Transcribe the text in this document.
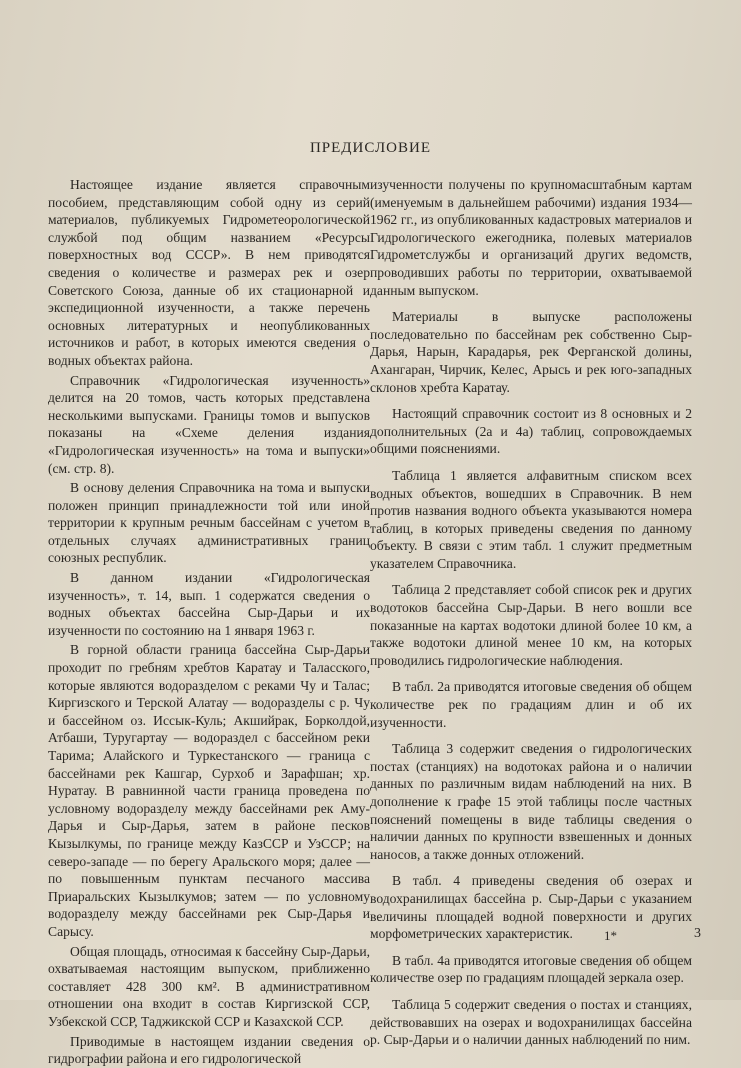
ПРЕДИСЛОВИЕ

Настоящее издание является справочным пособием, представляющим собой одну из серий материалов, публикуемых Гидрометеорологической службой под общим названием «Ресурсы поверхностных вод СССР». В нем приводятся сведения о количестве и размерах рек и озер Советского Союза, данные об их стационарной и экспедиционной изученности, а также перечень основных литературных и неопубликованных источников и работ, в которых имеются сведения о водных объектах района.

Справочник «Гидрологическая изученность» делится на 20 томов, часть которых представлена несколькими выпусками. Границы томов и выпусков показаны на «Схеме деления издания «Гидрологическая изученность» на тома и выпуски» (см. стр. 8).

В основу деления Справочника на тома и выпуски положен принцип принадлежности той или иной территории к крупным речным бассейнам с учетом в отдельных случаях административных границ союзных республик.

В данном издании «Гидрологическая изученность», т. 14, вып. 1 содержатся сведения о водных объектах бассейна Сыр-Дарьи и их изученности по состоянию на 1 января 1963 г.

В горной области граница бассейна Сыр-Дарьи проходит по гребням хребтов Каратау и Таласского, которые являются водоразделом с реками Чу и Талас; Киргизского и Терской Алатау — водоразделы с р. Чу и бассейном оз. Иссык-Куль; Акшийрак, Борколдой, Атбаши, Туругартау — водораздел с бассейном реки Тарима; Алайского и Туркестанского — граница с бассейнами рек Кашгар, Сурхоб и Зарафшан; хр. Нуратау. В равнинной части граница проведена по условному водоразделу между бассейнами рек Аму-Дарья и Сыр-Дарья, затем в районе песков Кызылкумы, по границе между КазССР и УзССР; на северо-западе — по берегу Аральского моря; далее — по повышенным пунктам песчаного массива Приаральских Кызылкумов; затем — по условному водоразделу между бассейнами рек Сыр-Дарья и Сарысу.

Общая площадь, относимая к бассейну Сыр-Дарьи, охватываемая настоящим выпуском, приближенно составляет 428 300 км². В административном отношении она входит в состав Киргизской ССР, Узбекской ССР, Таджикской ССР и Казахской ССР.

Приводимые в настоящем издании сведения о гидрографии района и его гидрологической

изученности получены по крупномасштабным картам (именуемым в дальнейшем рабочими) издания 1934—1962 гг., из опубликованных кадастровых материалов и Гидрологического ежегодника, полевых материалов Гидрометслужбы и организаций других ведомств, проводивших работы по территории, охватываемой данным выпуском.

Материалы в выпуске расположены последовательно по бассейнам рек собственно Сыр-Дарья, Нарын, Карадарья, рек Ферганской долины, Ахангаран, Чирчик, Келес, Арысь и рек юго-западных склонов хребта Каратау.

Настоящий справочник состоит из 8 основных и 2 дополнительных (2а и 4а) таблиц, сопровождаемых общими пояснениями.

Таблица 1 является алфавитным списком всех водных объектов, вошедших в Справочник. В нем против названия водного объекта указываются номера таблиц, в которых приведены сведения по данному объекту. В связи с этим табл. 1 служит предметным указателем Справочника.

Таблица 2 представляет собой список рек и других водотоков бассейна Сыр-Дарьи. В него вошли все показанные на картах водотоки длиной более 10 км, а также водотоки длиной менее 10 км, на которых проводились гидрологические наблюдения.

В табл. 2а приводятся итоговые сведения об общем количестве рек по градациям длин и об их изученности.

Таблица 3 содержит сведения о гидрологических постах (станциях) на водотоках района и о наличии данных по различным видам наблюдений на них. В дополнение к графе 15 этой таблицы после частных пояснений помещены в виде таблицы сведения о наличии данных по крупности взвешенных и донных наносов, а также донных отложений.

В табл. 4 приведены сведения об озерах и водохранилищах бассейна р. Сыр-Дарьи с указанием величины площадей водной поверхности и других морфометрических характеристик.

В табл. 4а приводятся итоговые сведения об общем количестве озер по градациям площадей зеркала озер.

Таблица 5 содержит сведения о постах и станциях, действовавших на озерах и водохранилищах бассейна р. Сыр-Дарьи и о наличии данных наблюдений по ним.

1*	3
